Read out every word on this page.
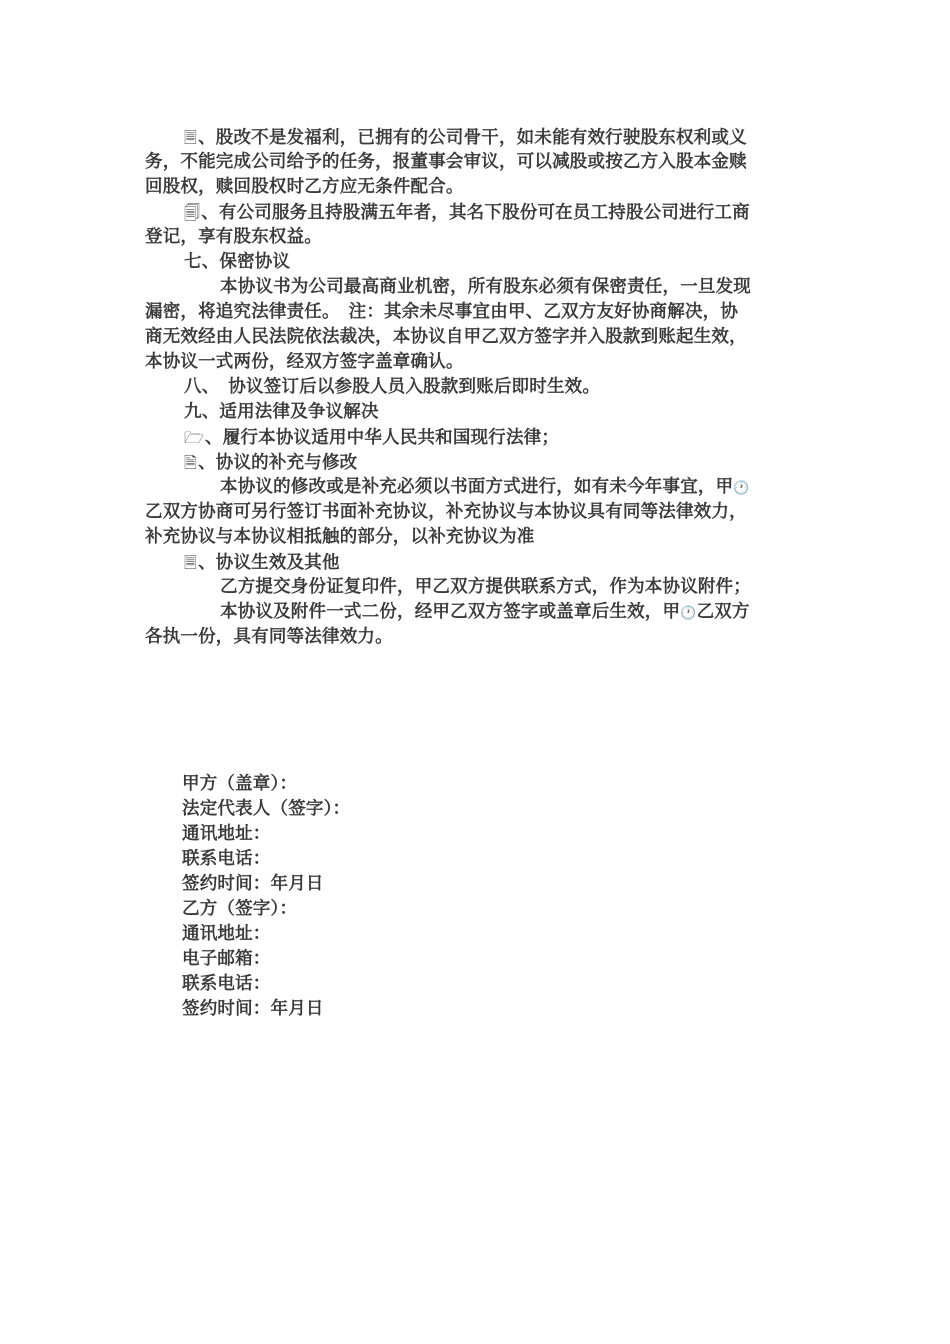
🗏、股改不是发福利，已拥有的公司骨干，如未能有效行驶股东权利或义
务，不能完成公司给予的任务，报董事会审议，可以减股或按乙方入股本金赎
回股权，赎回股权时乙方应无条件配合。
🗐、有公司服务且持股满五年者，其名下股份可在员工持股公司进行工商
登记，享有股东权益。
七、保密协议
本协议书为公司最高商业机密，所有股东必须有保密责任，一旦发现
漏密，将追究法律责任。　注：其余未尽事宜由甲、乙双方友好协商解决，协
商无效经由人民法院依法裁决，本协议自甲乙双方签字并入股款到账起生效，
本协议一式两份，经双方签字盖章确认。
八、　协议签订后以参股人员入股款到账后即时生效。
九、适用法律及争议解决
🗁、履行本协议适用中华人民共和国现行法律；
🗎、协议的补充与修改
本协议的修改或是补充必须以书面方式进行，如有未今年事宜，甲🕐
乙双方协商可另行签订书面补充协议，补充协议与本协议具有同等法律效力，
补充协议与本协议相抵触的部分，以补充协议为准
🗏、协议生效及其他
乙方提交身份证复印件，甲乙双方提供联系方式，作为本协议附件；
本协议及附件一式二份，经甲乙双方签字或盖章后生效，甲🕐乙双方
各执一份，具有同等法律效力。
甲方（盖章）：
法定代表人（签字）：
通讯地址：
联系电话：
签约时间：年月日
乙方（签字）：
通讯地址：
电子邮箱：
联系电话：
签约时间：年月日
